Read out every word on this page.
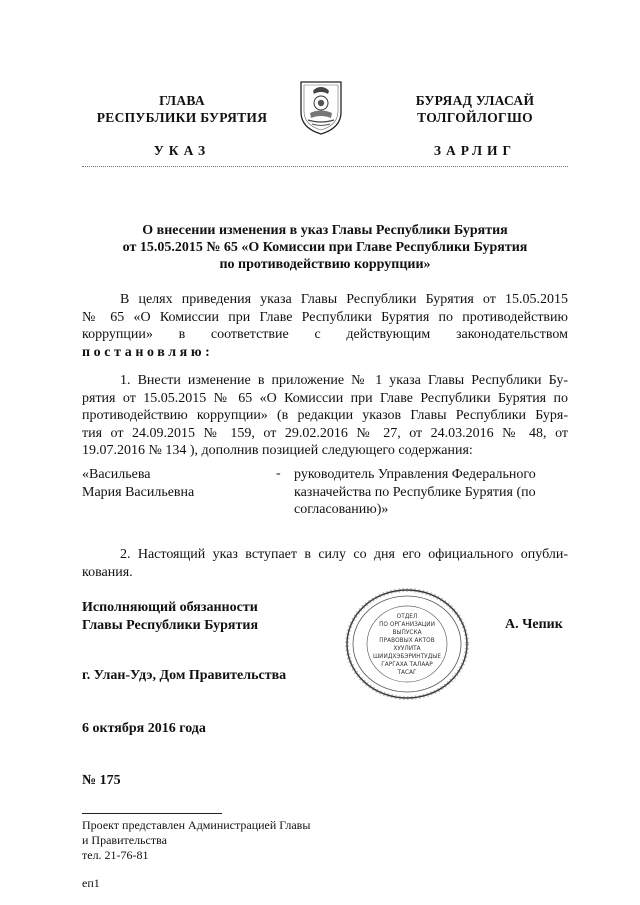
ГЛАВА
РЕСПУБЛИКИ БУРЯТИЯ
БУРЯАД УЛАСАЙ
ТОЛГОЙЛОГШО
УКАЗ	ЗАРЛИГ
О внесении изменения в указ Главы Республики Бурятия
от 15.05.2015 № 65 «О Комиссии при Главе Республики Бурятия
по противодействию коррупции»
В целях приведения указа Главы Республики Бурятия от 15.05.2015
№ 65 «О Комиссии при Главе Республики Бурятия по противодействию
коррупции» в соответствие с действующим законодательством
постановляю:
1. Внести изменение в приложение № 1 указа Главы Республики Бу-
рятия от 15.05.2015 № 65 «О Комиссии при Главе Республики Бурятия по
противодействию коррупции» (в редакции указов Главы Республики Буря-
тия от 24.09.2015 № 159, от 29.02.2016 № 27, от 24.03.2016 № 48, от
19.07.2016 № 134 ), дополнив позицией следующего содержания:
«Васильева
Мария Васильевна
- руководитель Управления Федерального
казначейства по Республике Бурятия (по
согласованию)»
2. Настоящий указ вступает в силу со дня его официального опубли-
кования.
Исполняющий обязанности
Главы Республики Бурятия	А. Чепик
ОТДЕЛ
ПО ОРГАНИЗАЦИИ
ВЫПУСКА
ПРАВОВЫХ АКТОВ
ХУУЛИТА
ШИИДХЭБЭРИНТУДЫЕ
ГАРГАХА ТАЛААР
ТАСАГ
г. Улан-Удэ, Дом Правительства
6 октября 2016 года
№ 175
Проект представлен Администрацией Главы
и Правительства
тел. 21-76-81
еп1
